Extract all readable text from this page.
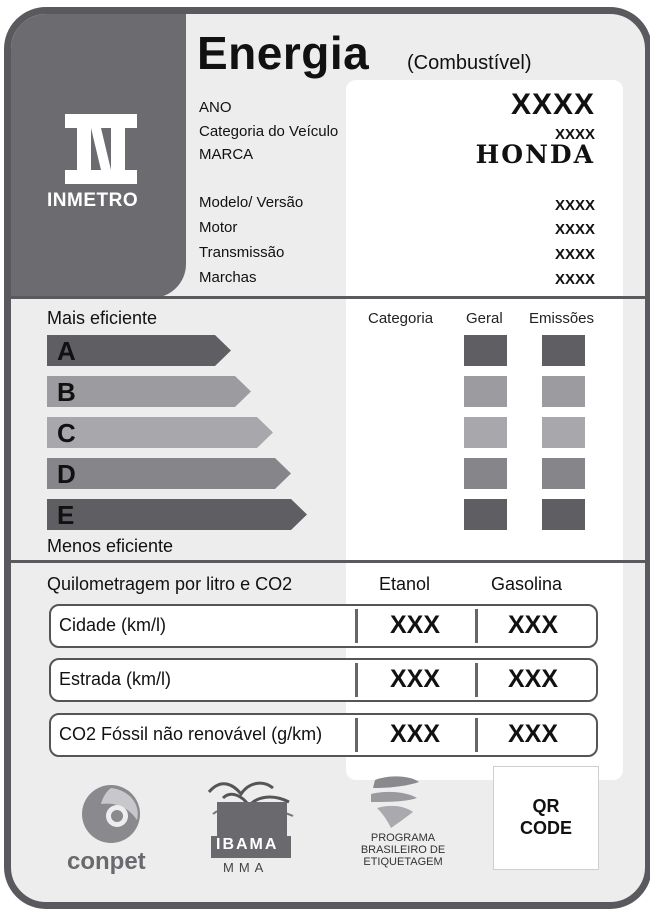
INMETRO
Energia (Combustível)
ANO	XXXX
Categoria do Veículo	XXXX
MARCA	HONDA
Modelo/ Versão	XXXX
Motor	XXXX
Transmissão	XXXX
Marchas	XXXX
Mais eficiente	Categoria Geral Emissões
A
B
C
D
E
Menos eficiente
Quilometragem por litro e CO2	Etanol	Gasolina
Cidade (km/l)	XXX	XXX
Estrada (km/l)	XXX	XXX
CO2 Fóssil não renovável (g/km)	XXX	XXX
conpet
IBAMA
MMA
PROGRAMA
BRASILEIRO DE
ETIQUETAGEM
QR
CODE
